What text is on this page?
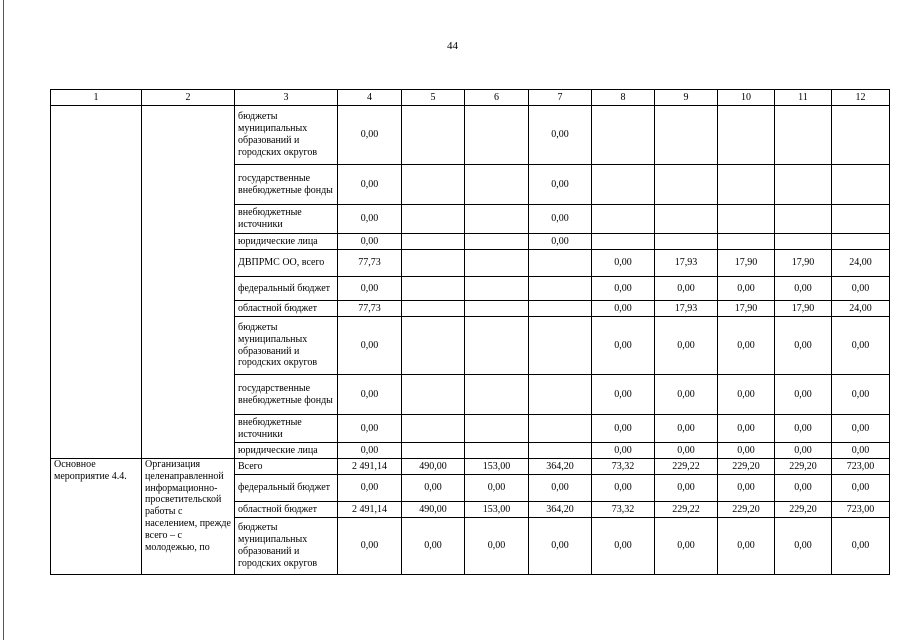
44
1	2	3	4	5	6	7	8	9	10	11	12
		бюджеты муниципальных образований и городских округов	0,00			0,00					
		государственные внебюджетные фонды	0,00			0,00					
		внебюджетные источники	0,00			0,00					
		юридические лица	0,00			0,00					
		ДВПРМС ОО, всего	77,73				0,00	17,93	17,90	17,90	24,00
		федеральный бюджет	0,00				0,00	0,00	0,00	0,00	0,00
		областной бюджет	77,73				0,00	17,93	17,90	17,90	24,00
		бюджеты муниципальных образований и городских округов	0,00				0,00	0,00	0,00	0,00	0,00
		государственные внебюджетные фонды	0,00				0,00	0,00	0,00	0,00	0,00
		внебюджетные источники	0,00				0,00	0,00	0,00	0,00	0,00
		юридические лица	0,00				0,00	0,00	0,00	0,00	0,00
Основное мероприятие 4.4.	Организация целенаправленной информационно-просветительской работы с населением, прежде всего – с молодежью, по	Всего	2 491,14	490,00	153,00	364,20	73,32	229,22	229,20	229,20	723,00
		федеральный бюджет	0,00	0,00	0,00	0,00	0,00	0,00	0,00	0,00	0,00
		областной бюджет	2 491,14	490,00	153,00	364,20	73,32	229,22	229,20	229,20	723,00
		бюджеты муниципальных образований и городских округов	0,00	0,00	0,00	0,00	0,00	0,00	0,00	0,00	0,00
